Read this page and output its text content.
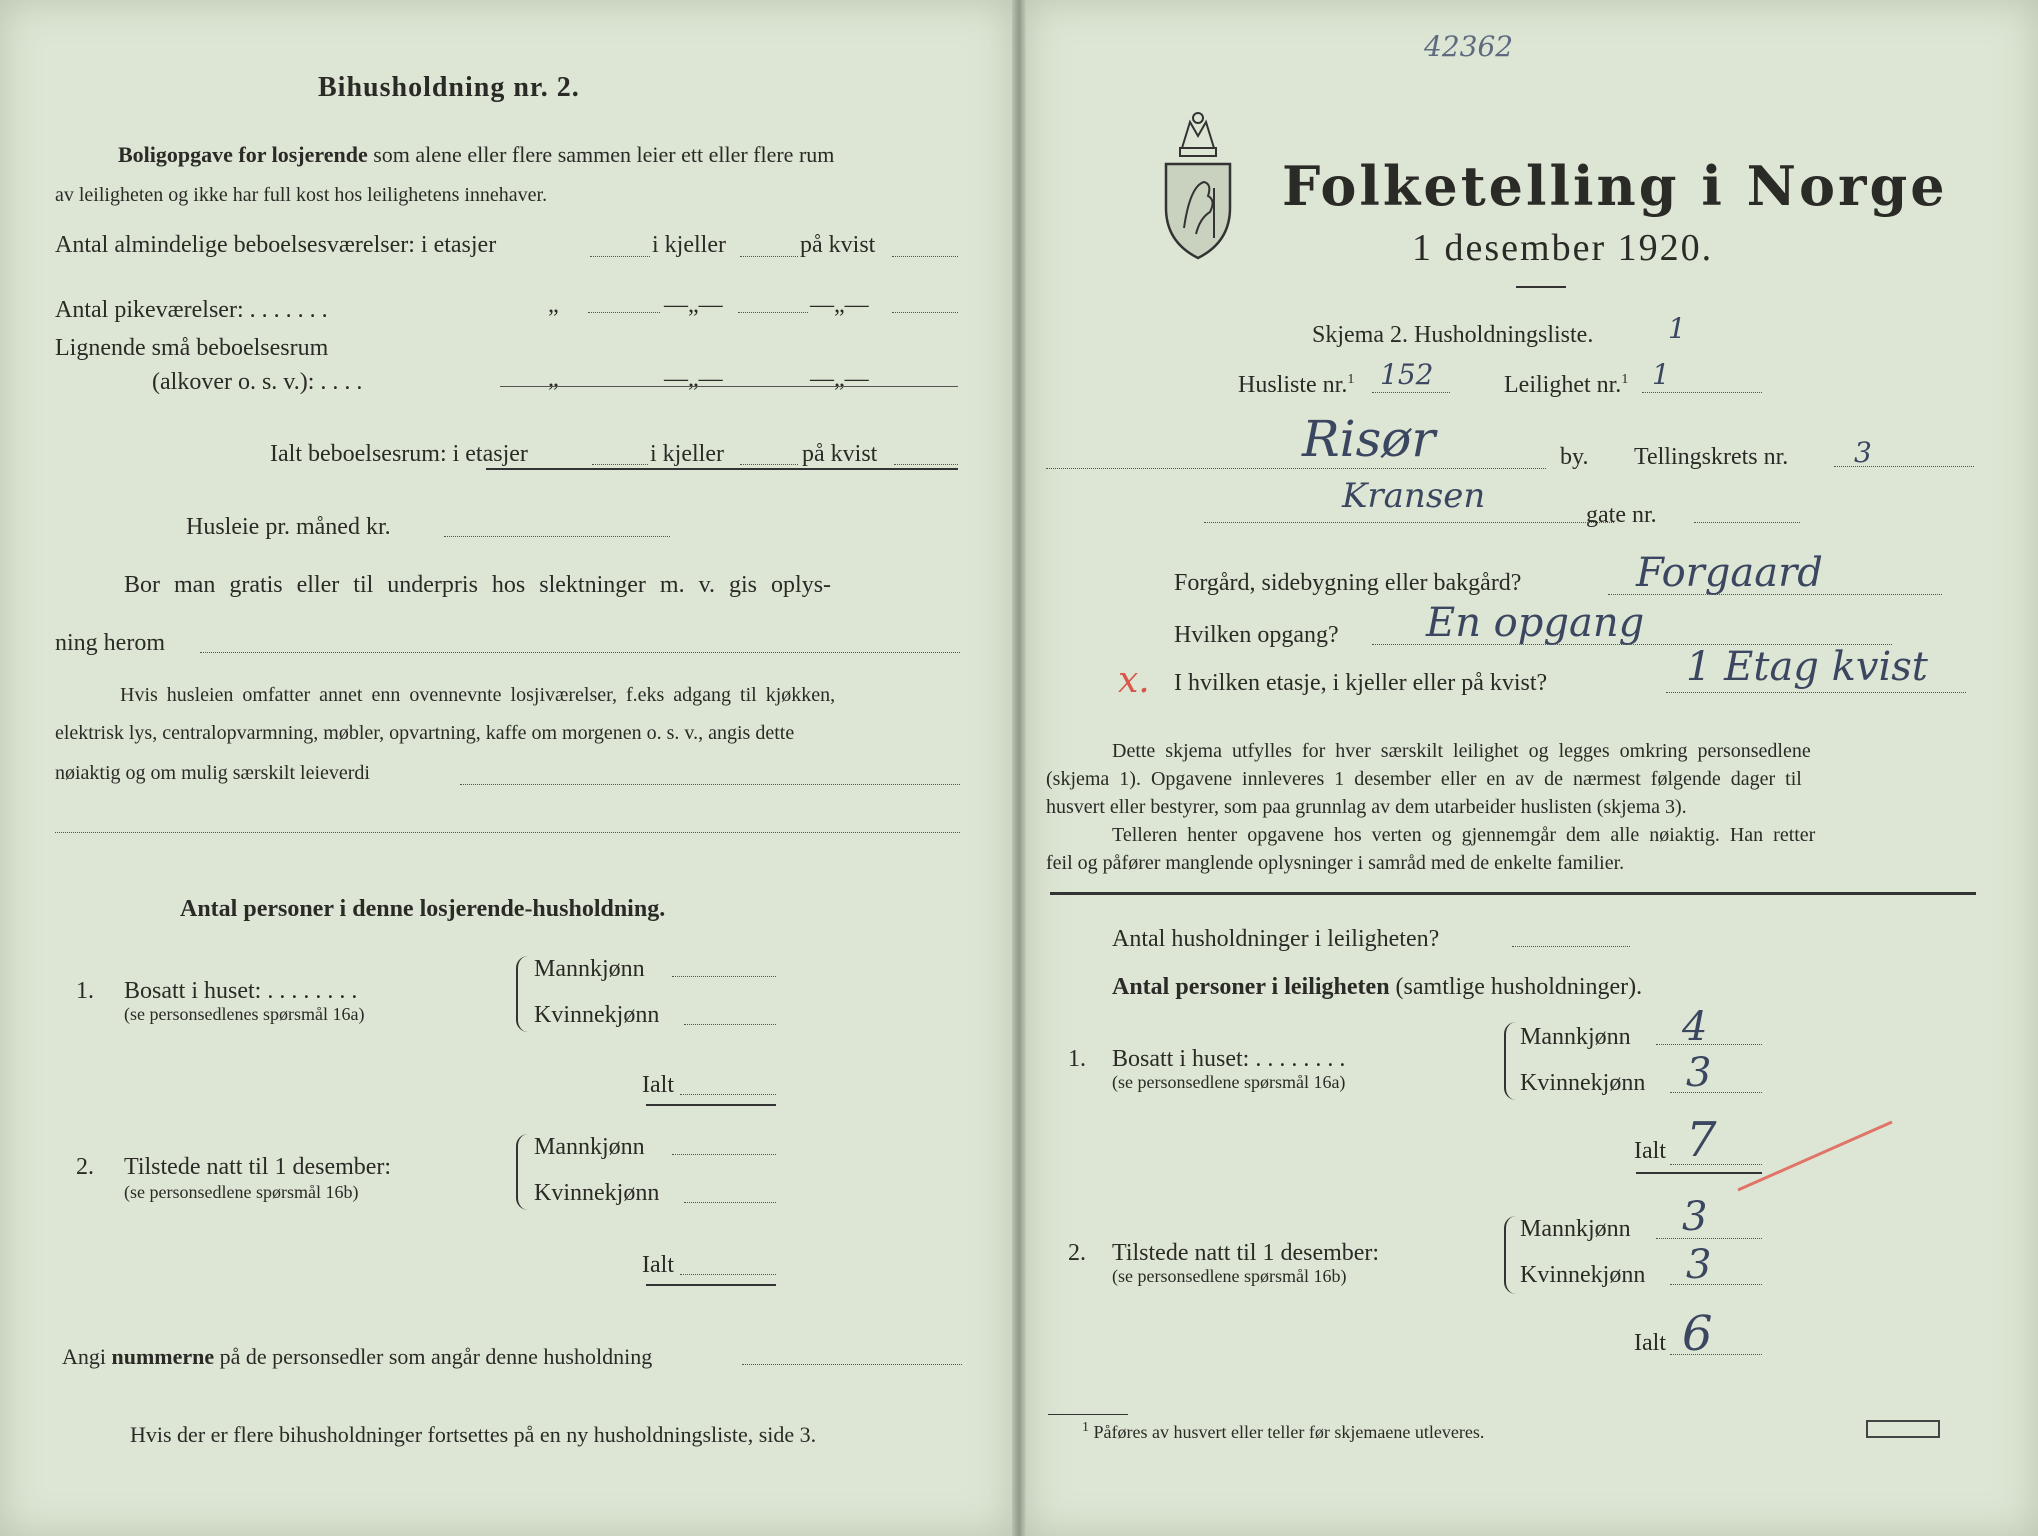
Bihusholdning nr. 2.
Boligopgave for losjerende som alene eller flere sammen leier ett eller flere rum
av leiligheten og ikke har full kost hos leilighetens innehaver.
Antal almindelige beboelsesværelser: i etasjer	i kjeller	på kvist
Antal pikeværelser: . . . . . . .	„	—„—	—„—
Lignende små beboelsesrum
(alkover o. s. v.): . . . .	„	—„—	—„—
Ialt beboelsesrum: i etasjer	i kjeller	på kvist
Husleie pr. måned kr.
Bor man gratis eller til underpris hos slektninger m. v. gis oplys-
ning herom
Hvis husleien omfatter annet enn ovennevnte losjiværelser, f.eks adgang til kjøkken,
elektrisk lys, centralopvarmning, møbler, opvartning, kaffe om morgenen o. s. v., angis dette
nøiaktig og om mulig særskilt leieverdi
Antal personer i denne losjerende-husholdning.
1. Bosatt i huset: . . . . . . . .
(se personsedlenes spørsmål 16a)
Mannkjønn
Kvinnekjønn
Ialt
2. Tilstede natt til 1 desember:
(se personsedlene spørsmål 16b)
Mannkjønn
Kvinnekjønn
Ialt
Angi nummerne på de personsedler som angår denne husholdning
Hvis der er flere bihusholdninger fortsettes på en ny husholdningsliste, side 3.
42362
Folketelling i Norge
1 desember 1920.
Skjema 2. Husholdningsliste.	1
Husliste nr.$^1$ 152	Leilighet nr.$^1$ 1
Risør	by. Tellingskrets nr. 3
Kransen	gate nr.
Forgård, sidebygning eller bakgård?	Forgaard
Hvilken opgang? En opgang
x. I hvilken etasje, i kjeller eller på kvist?	1 Etag kvist
Dette skjema utfylles for hver særskilt leilighet og legges omkring personsedlene
(skjema 1). Opgavene innleveres 1 desember eller en av de nærmest følgende dager til
husvert eller bestyrer, som paa grunnlag av dem utarbeider huslisten (skjema 3).
Telleren henter opgavene hos verten og gjennemgår dem alle nøiaktig. Han retter
feil og påfører manglende oplysninger i samråd med de enkelte familier.
Antal husholdninger i leiligheten?
Antal personer i leiligheten (samtlige husholdninger).
1. Bosatt i huset: . . . . . . . .
(se personsedlene spørsmål 16a)
Mannkjønn 4
Kvinnekjønn 3
Ialt 7
2. Tilstede natt til 1 desember:
(se personsedlene spørsmål 16b)
Mannkjønn 3
Kvinnekjønn 3
Ialt 6
$^1$ Påføres av husvert eller teller før skjemaene utleveres.
